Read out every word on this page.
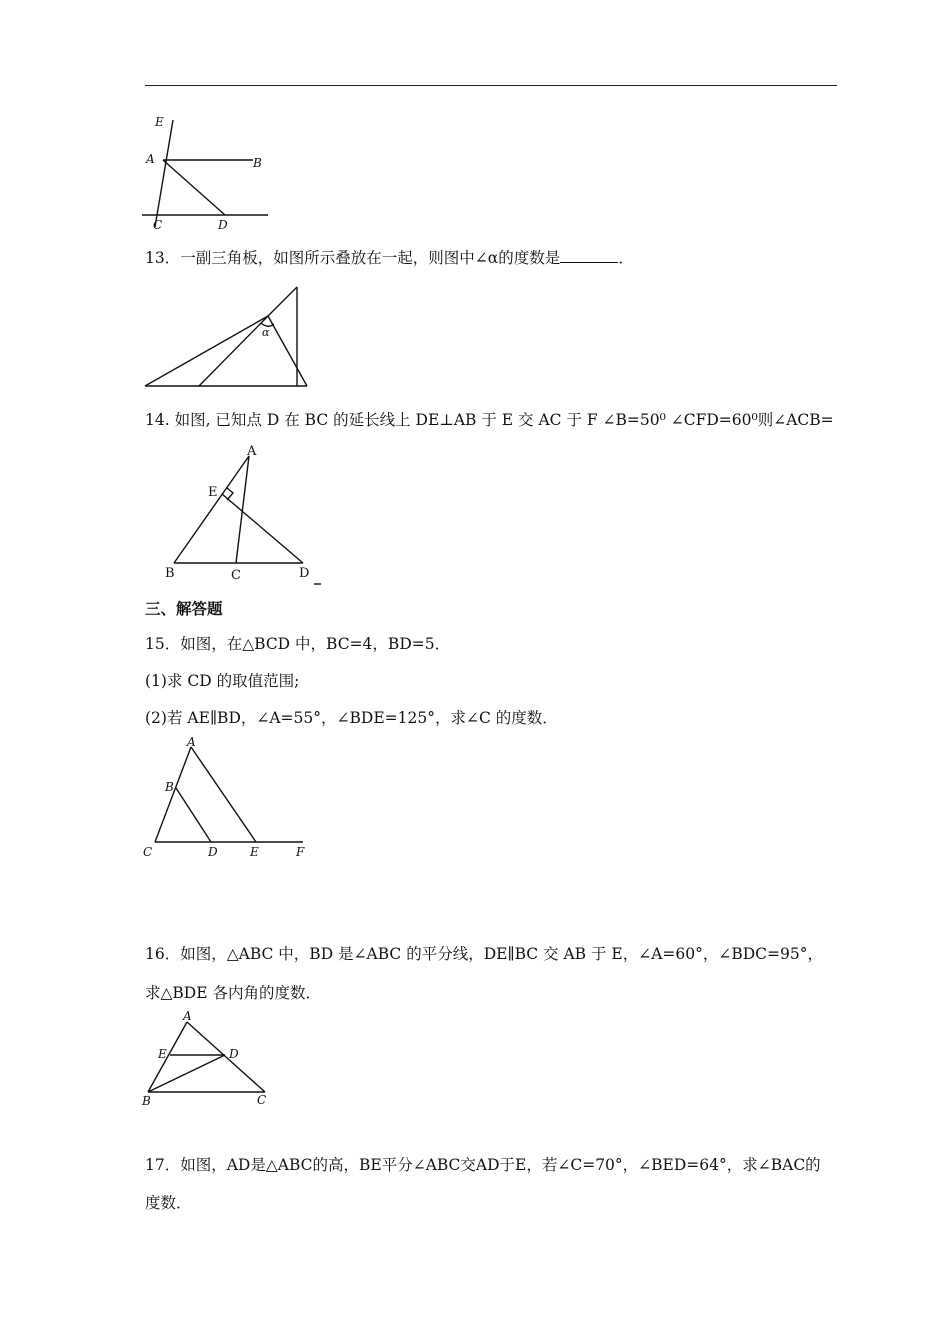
E
A	B
C	D
13．一副三角板，如图所示叠放在一起，则图中∠α的度数是	．
α
14. 如图, 已知点 D 在 BC 的延长线上 DE⊥AB 于 E 交 AC 于 F ∠B=50⁰ ∠CFD=60⁰则∠ACB=
A
E
B	C	D
三、解答题
15．如图，在△BCD 中，BC=4，BD=5．
(1)求 CD 的取值范围;
(2)若 AE∥BD，∠A=55°，∠BDE=125°，求∠C 的度数．
A
B
C	D	E	F
16．如图，△ABC 中，BD 是∠ABC 的平分线，DE∥BC 交 AB 于 E，∠A=60°，∠BDC=95°，
求△BDE 各内角的度数．
A
E	D
B	C
17．如图，AD是△ABC的高，BE平分∠ABC交AD于E，若∠C=70°，∠BED=64°，求∠BAC的
度数．
